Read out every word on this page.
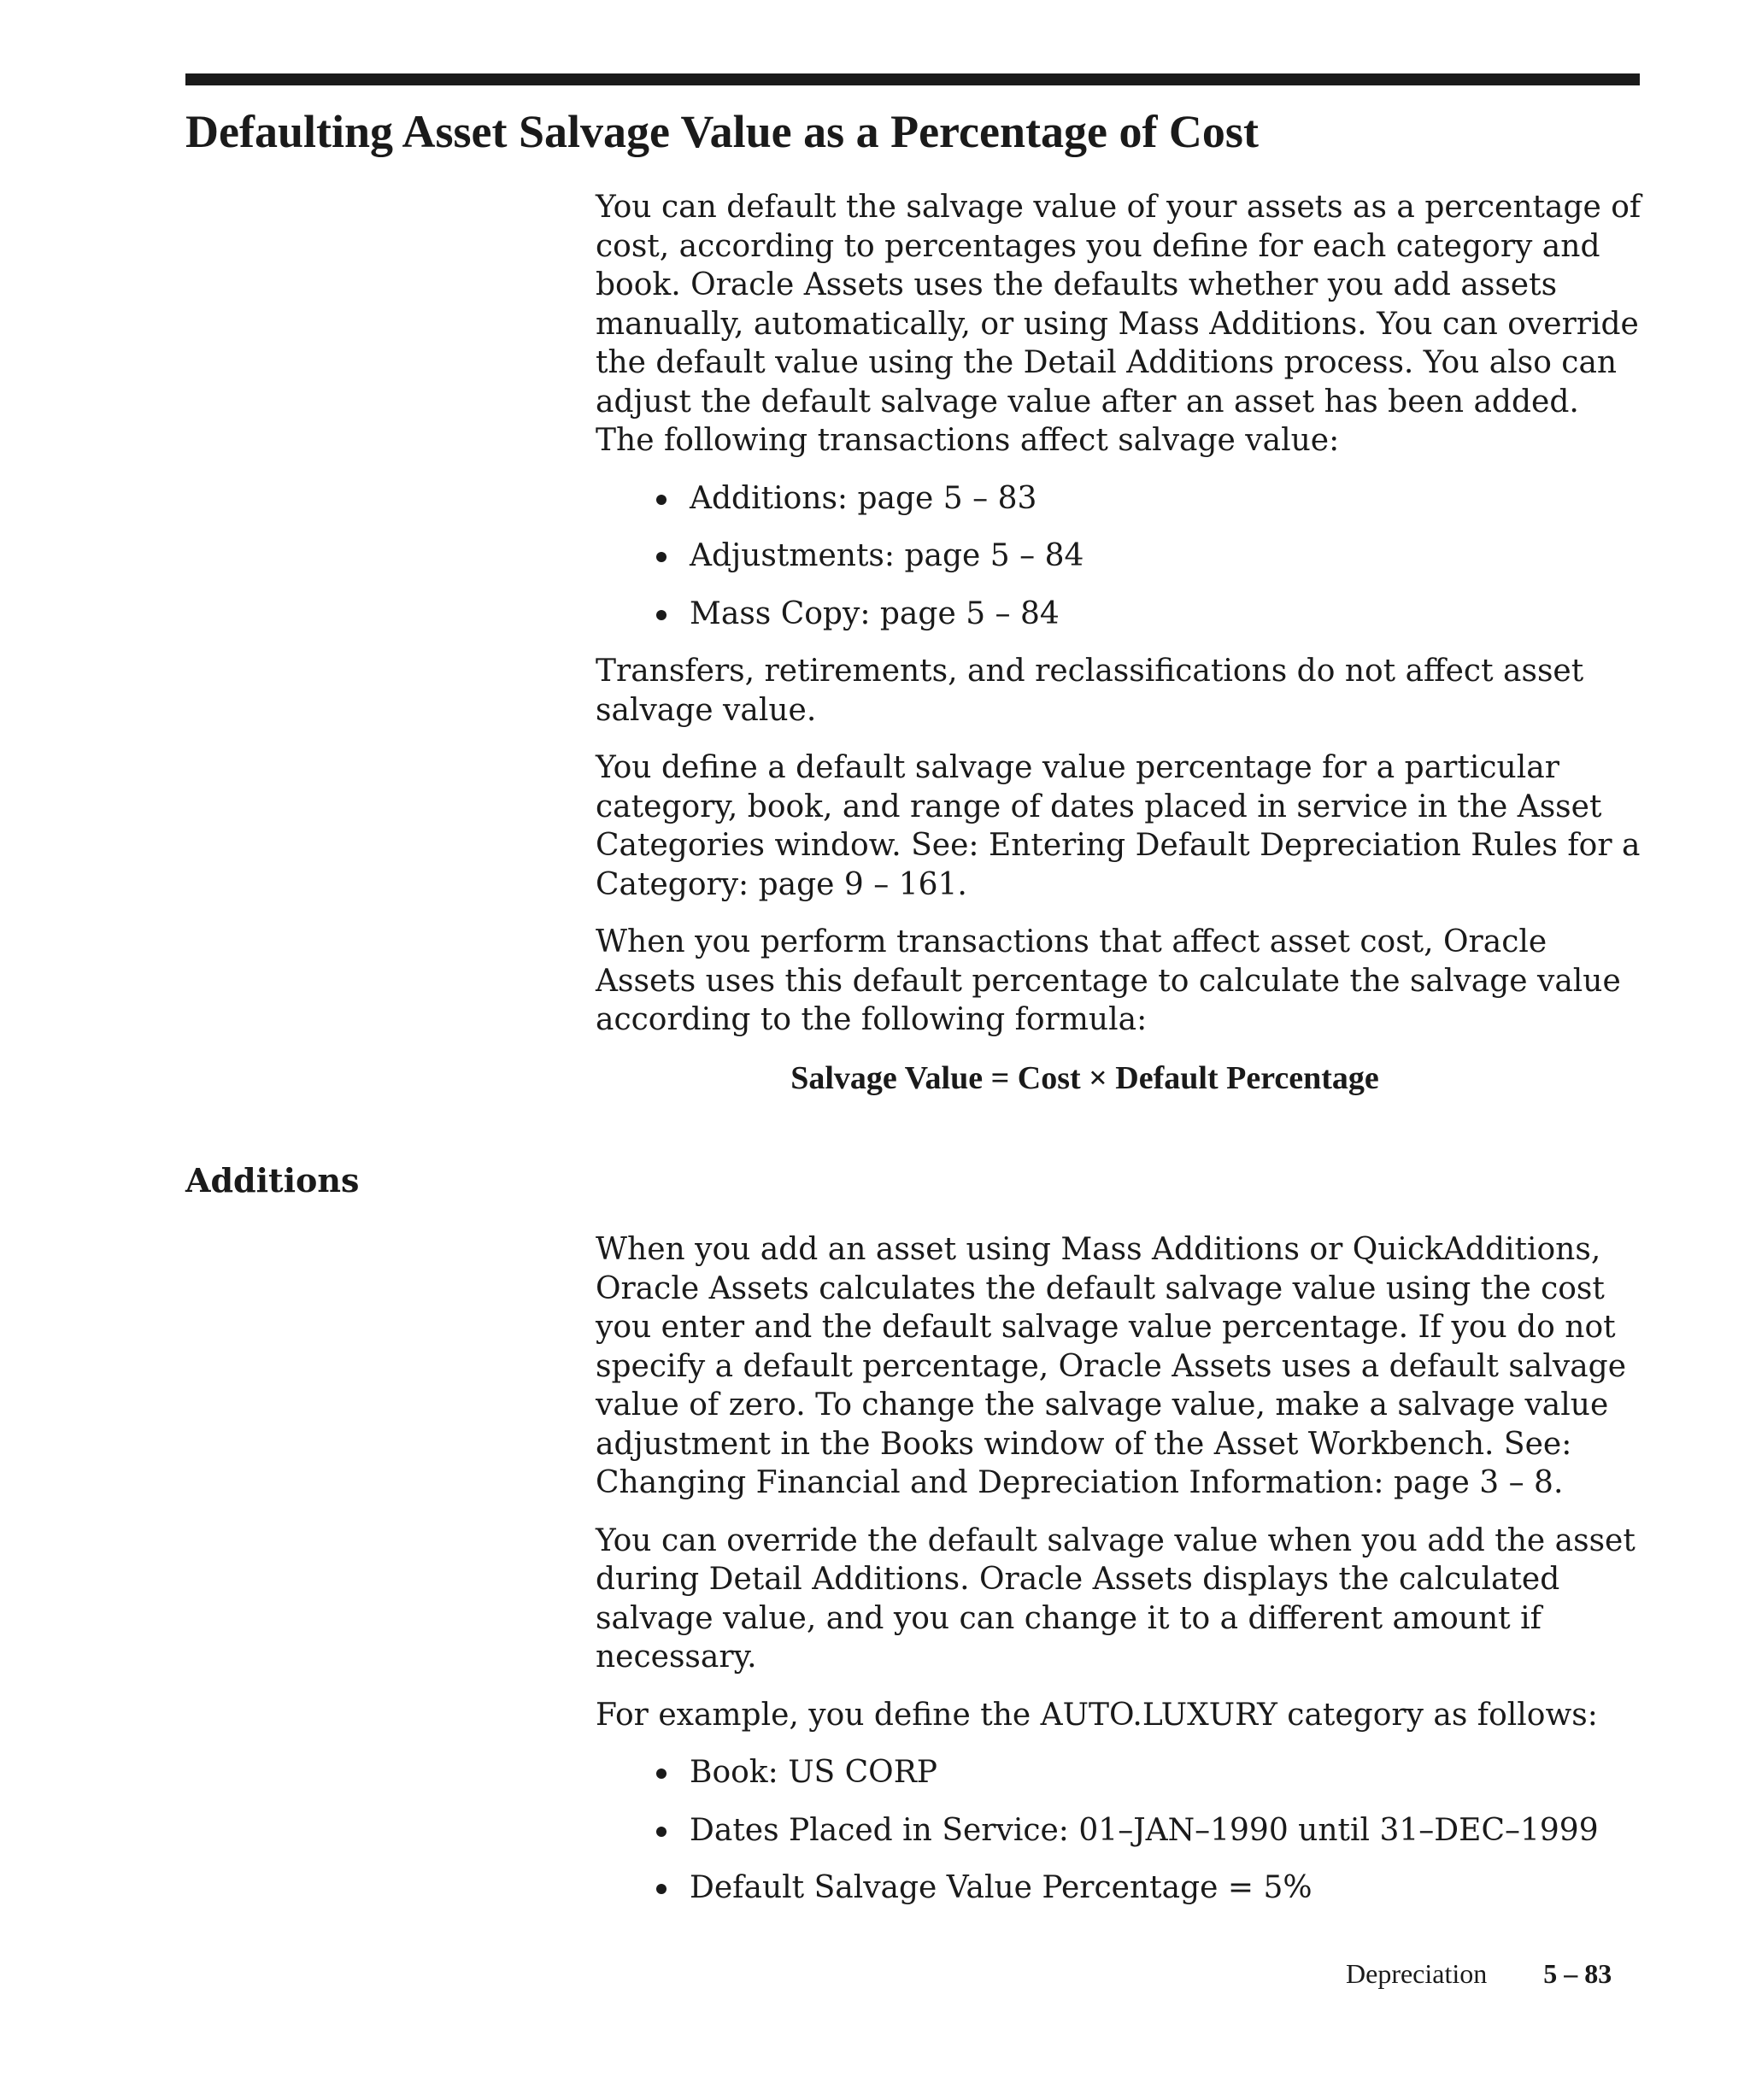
Defaulting Asset Salvage Value as a Percentage of Cost

You can default the salvage value of your assets as a percentage of cost, according to percentages you define for each category and book. Oracle Assets uses the defaults whether you add assets manually, automatically, or using Mass Additions. You can override the default value using the Detail Additions process. You also can adjust the default salvage value after an asset has been added. The following transactions affect salvage value:

Additions: page 5 – 83
Adjustments: page 5 – 84
Mass Copy: page 5 – 84

Transfers, retirements, and reclassifications do not affect asset salvage value.

You define a default salvage value percentage for a particular category, book, and range of dates placed in service in the Asset Categories window. See: Entering Default Depreciation Rules for a Category: page 9 – 161.

When you perform transactions that affect asset cost, Oracle Assets uses this default percentage to calculate the salvage value according to the following formula:

Salvage Value = Cost × Default Percentage

Additions

When you add an asset using Mass Additions or QuickAdditions, Oracle Assets calculates the default salvage value using the cost you enter and the default salvage value percentage. If you do not specify a default percentage, Oracle Assets uses a default salvage value of zero. To change the salvage value, make a salvage value adjustment in the Books window of the Asset Workbench. See: Changing Financial and Depreciation Information: page 3 – 8.

You can override the default salvage value when you add the asset during Detail Additions. Oracle Assets displays the calculated salvage value, and you can change it to a different amount if necessary.

For example, you define the AUTO.LUXURY category as follows:

Book: US CORP
Dates Placed in Service: 01–JAN–1990 until 31–DEC–1999
Default Salvage Value Percentage = 5%
Depreciation 5 – 83
